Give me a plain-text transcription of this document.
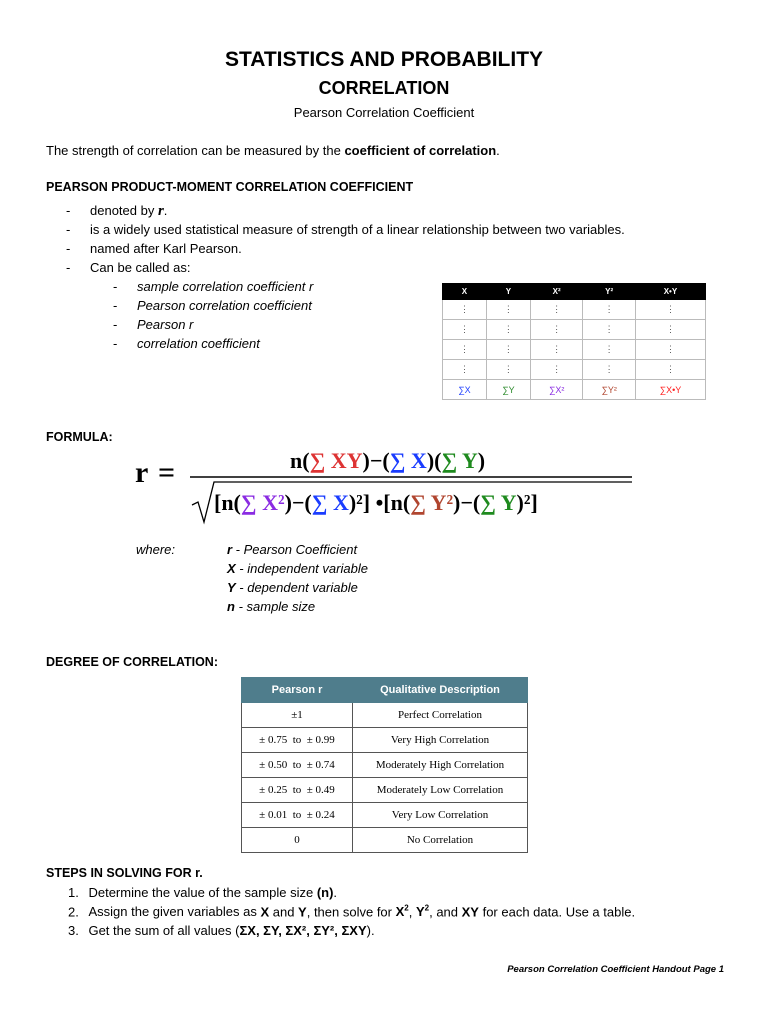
STATISTICS AND PROBABILITY
CORRELATION
Pearson Correlation Coefficient
The strength of correlation can be measured by the coefficient of correlation.
PEARSON PRODUCT-MOMENT CORRELATION COEFFICIENT
- denoted by r.
- is a widely used statistical measure of strength of a linear relationship between two variables.
- named after Karl Pearson.
- Can be called as:
- sample correlation coefficient r
- Pearson correlation coefficient
- Pearson r
- correlation coefficient
X	Y	X²	Y²	X•Y
⋮	⋮	⋮	⋮	⋮
⋮	⋮	⋮	⋮	⋮
⋮	⋮	⋮	⋮	⋮
⋮	⋮	⋮	⋮	⋮
∑X	∑Y	∑X²	∑Y²	∑X•Y
FORMULA:
r =	n(∑ XY)−(∑ X)(∑ Y)
[n(∑ X²)−(∑ X)²] •[n(∑ Y²)−(∑ Y)²]
where:	r - Pearson Coefficient
X - independent variable
Y - dependent variable
n - sample size
DEGREE OF CORRELATION:
Pearson r	Qualitative Description
±1	Perfect Correlation
± 0.75  to  ± 0.99	Very High Correlation
± 0.50  to  ± 0.74	Moderately High Correlation
± 0.25  to  ± 0.49	Moderately Low Correlation
± 0.01  to  ± 0.24	Very Low Correlation
0	No Correlation
STEPS IN SOLVING FOR r.
1. Determine the value of the sample size (n).
2. Assign the given variables as X and Y, then solve for $X^2$, $Y^2$, and XY for each data. Use a table.
3. Get the sum of all values (ΣX, ΣY, ΣX², ΣY², ΣXY).
Pearson Correlation Coefficient Handout Page 1
